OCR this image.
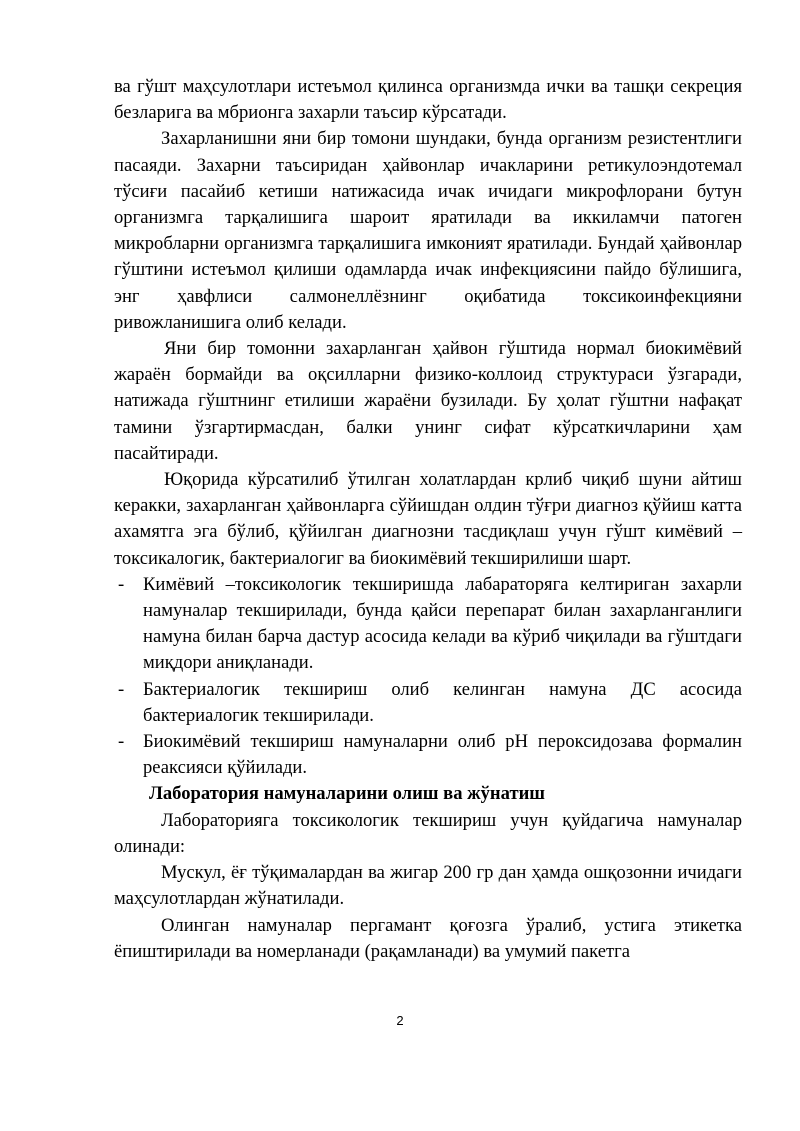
ва гўшт маҳсулотлари истеъмол қилинса организмда ички ва ташқи секреция безларига ва мбрионга захарли таъсир кўрсатади.

Захарланишни яни бир томони шундаки, бунда организм резистентлиги пасаяди. Захарни таъсиридан ҳайвонлар ичакларини ретикулоэндотемал тўсиғи пасайиб кетиши натижасида ичак ичидаги микрофлорани бутун организмга тарқалишига шароит яратилади ва иккиламчи патоген микробларни организмга тарқалишига имконият яратилади. Бундай ҳайвонлар гўштини истеъмол қилиши одамларда ичак инфекциясини пайдо бўлишига, энг ҳавфлиси салмонеллёзнинг оқибатида токсикоинфекцияни ривожланишига олиб келади.

Яни бир томонни захарланган ҳайвон гўштида нормал биокимёвий жараён бормайди ва оқсилларни физико-коллоид структураси ўзгаради, натижада гўштнинг етилиши жараёни бузилади. Бу ҳолат гўштни нафақат тамини ўзгартирмасдан, балки унинг сифат кўрсаткичларини ҳам пасайтиради.

Юқорида кўрсатилиб ўтилган холатлардан крлиб чиқиб шуни айтиш керакки, захарланган ҳайвонларга сўйишдан олдин тўғри диагноз қўйиш катта ахамятга эга бўлиб, қўйилган диагнозни тасдиқлаш учун гўшт кимёвий – токсикалогик, бактериалогиг ва биокимёвий текширилиши шарт.

-	Кимёвий –токсикологик текширишда лабараторяга келтириган захарли намуналар текширилади, бунда қайси перепарат билан захарланганлиги намуна билан барча дастур асосида келади ва кўриб чиқилади ва гўштдаги миқдори аниқланади.
-	Бактериалогик текшириш олиб келинган намуна ДС асосида бактериалогик текширилади.
-	Биокимёвий текшириш намуналарни олиб pH пероксидозава формалин реаксияси қўйилади.

Лаборатория намуналарини олиш ва жўнатиш

Лабораторияга токсикологик текшириш учун қуйдагича намуналар олинади:

Мускул, ёғ тўқималардан ва жигар 200 гр дан ҳамда ошқозонни ичидаги маҳсулотлардан жўнатилади.

Олинган намуналар пергамант қоғозга ўралиб, устига этикетка ёпиштирилади ва номерланади (рақамланади) ва умумий пакетга

2
